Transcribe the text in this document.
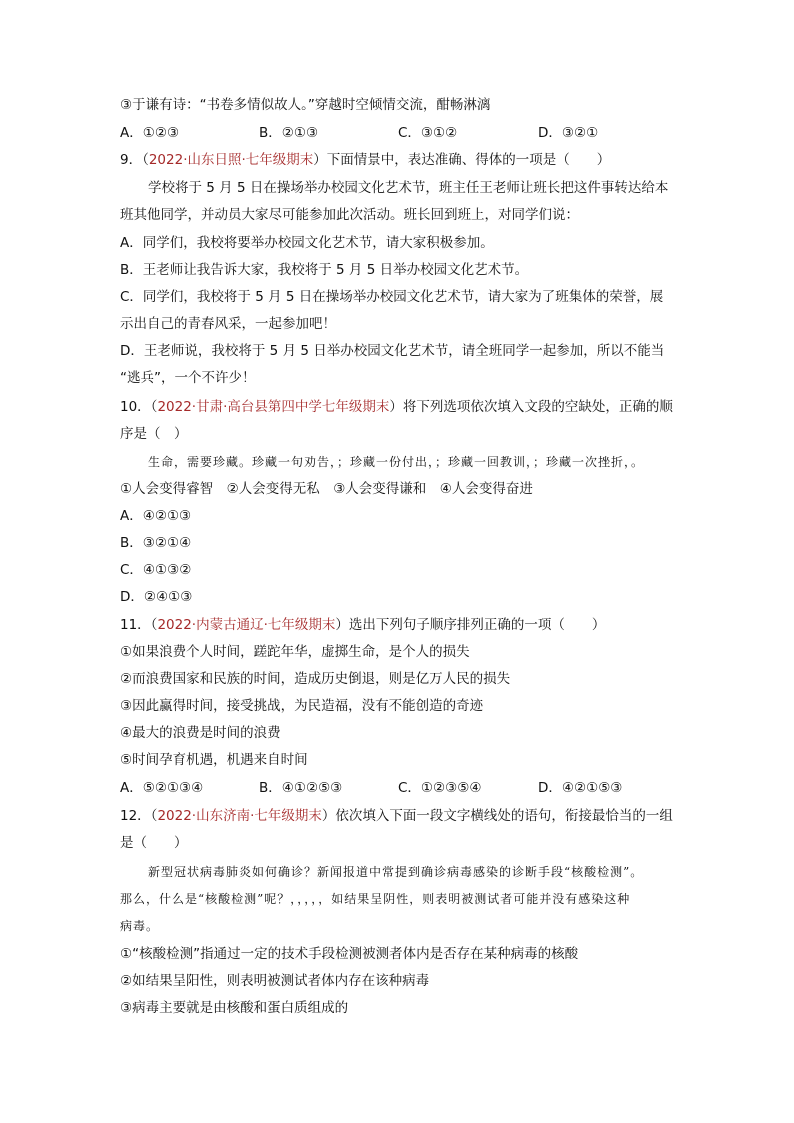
③于谦有诗：“书卷多情似故人。”穿越时空倾情交流，酣畅淋漓
A．①②③	B．②①③	C．③①②	D．③②①
9．（2022·山东日照·七年级期末）下面情景中，表达准确、得体的一项是（　　）
学校将于 5 月 5 日在操场举办校园文化艺术节，班主任王老师让班长把这件事转达给本
班其他同学，并动员大家尽可能参加此次活动。班长回到班上，对同学们说：
A．同学们，我校将要举办校园文化艺术节，请大家积极参加。
B．王老师让我告诉大家，我校将于 5 月 5 日举办校园文化艺术节。
C．同学们，我校将于 5 月 5 日在操场举办校园文化艺术节，请大家为了班集体的荣誉，展
示出自己的青春风采，一起参加吧！
D．王老师说，我校将于 5 月 5 日举办校园文化艺术节，请全班同学一起参加，所以不能当
“逃兵”，一个不许少！
10．（2022·甘肃·高台县第四中学七年级期末）将下列选项依次填入文段的空缺处，正确的顺
序是（　）
生命，需要珍藏。珍藏一句劝告，；珍藏一份付出，；珍藏一回教训，；珍藏一次挫折，。
①人会变得睿智　②人会变得无私　③人会变得谦和　④人会变得奋进
A．④②①③
B．③②①④
C．④①③②
D．②④①③
11．（2022·内蒙古通辽·七年级期末）选出下列句子顺序排列正确的一项（　　）
①如果浪费个人时间，蹉跎年华，虚掷生命，是个人的损失
②而浪费国家和民族的时间，造成历史倒退，则是亿万人民的损失
③因此赢得时间，接受挑战，为民造福，没有不能创造的奇迹
④最大的浪费是时间的浪费
⑤时间孕育机遇，机遇来自时间
A．⑤②①③④	B．④①②⑤③	C．①②③⑤④	D．④②①⑤③
12．（2022·山东济南·七年级期末）依次填入下面一段文字横线处的语句，衔接最恰当的一组
是（　　）
新型冠状病毒肺炎如何确诊？新闻报道中常提到确诊病毒感染的诊断手段“核酸检测”。
那么，什么是“核酸检测”呢？，，，，，如结果呈阴性，则表明被测试者可能并没有感染这种
病毒。
①“核酸检测”指通过一定的技术手段检测被测者体内是否存在某种病毒的核酸
②如结果呈阳性，则表明被测试者体内存在该种病毒
③病毒主要就是由核酸和蛋白质组成的
